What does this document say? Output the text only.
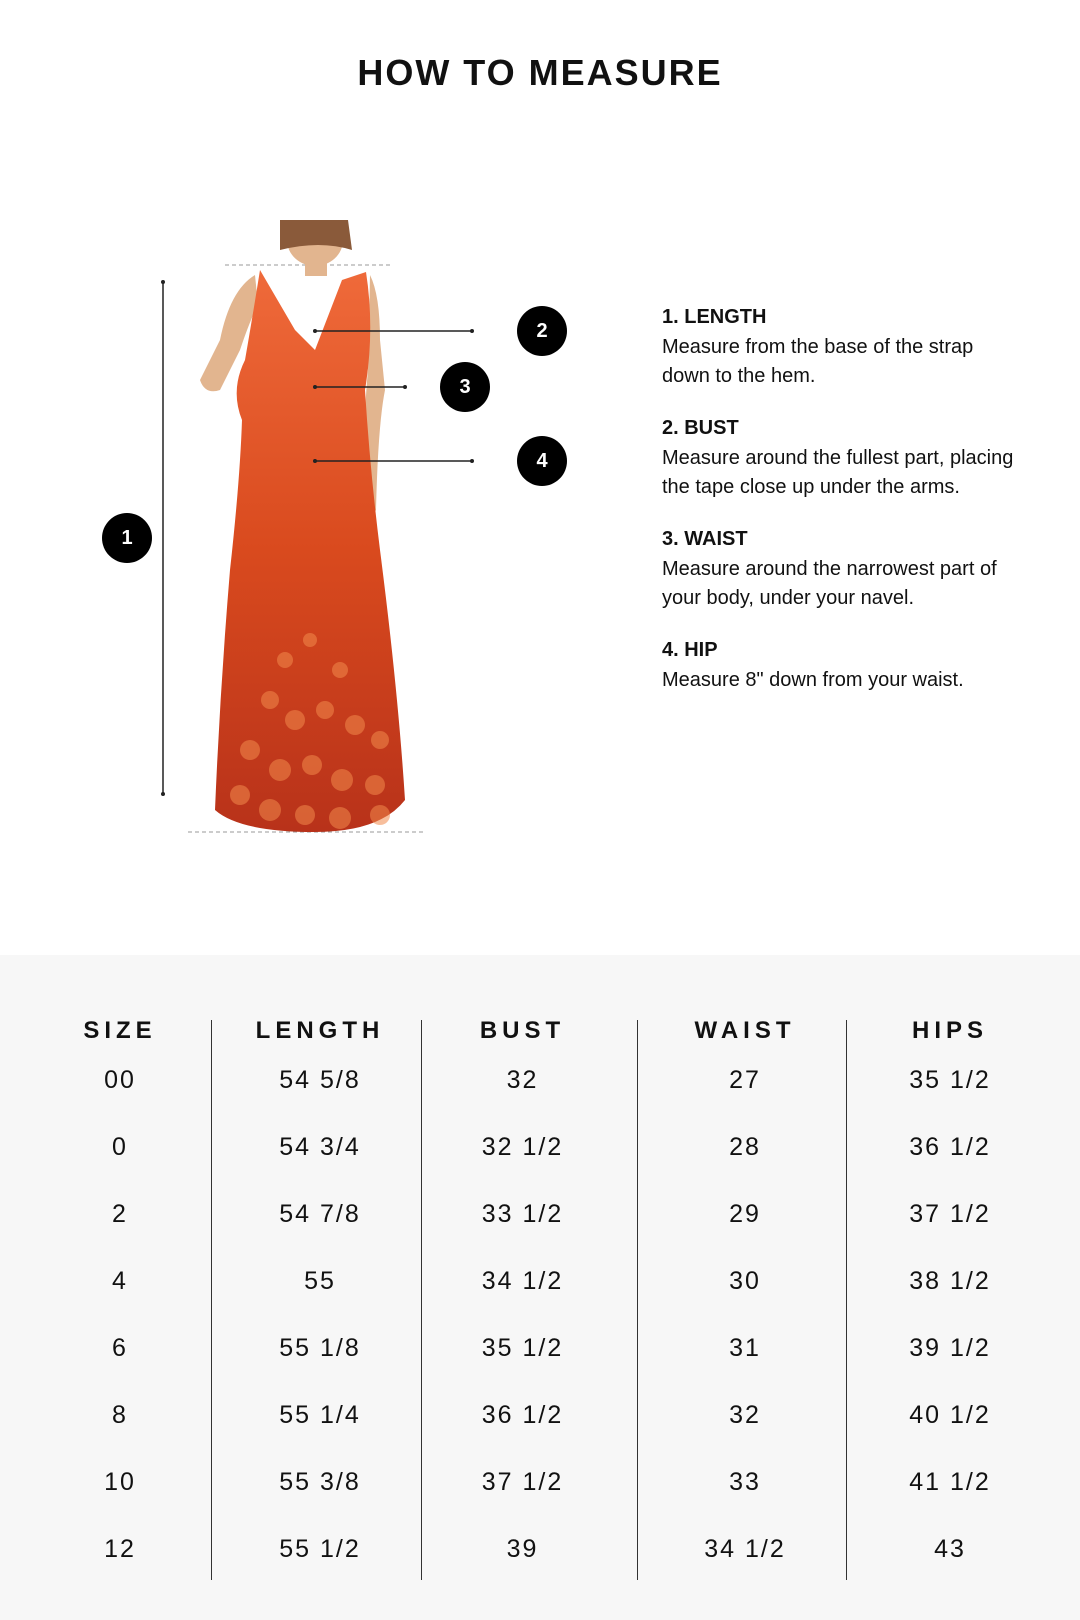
HOW TO MEASURE
1
2
3
4

1. LENGTH

Measure from the base of the strap down to the hem.

2. BUST

Measure around the fullest part, placing the tape close up under the arms.

3. WAIST

Measure around the narrowest part of your body, under your navel.

4. HIP

Measure 8" down from your waist.

SIZE
00
0
2
4
6
8
10
12
LENGTH
54 5/8
54 3/4
54 7/8
55
55 1/8
55 1/4
55 3/8
55 1/2
BUST
32
32 1/2
33 1/2
34 1/2
35 1/2
36 1/2
37 1/2
39
WAIST
27
28
29
30
31
32
33
34 1/2
HIPS
35 1/2
36 1/2
37 1/2
38 1/2
39 1/2
40 1/2
41 1/2
43
